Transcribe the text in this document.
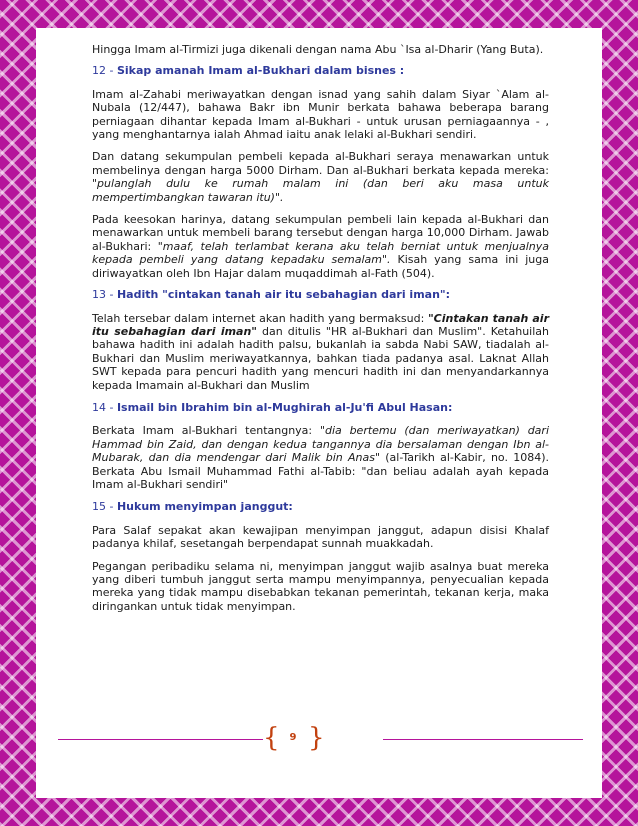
Hingga Imam al-Tirmizi juga dikenali dengan nama Abu `Isa al-Dharir (Yang Buta).

12 - Sikap amanah Imam al-Bukhari dalam bisnes :

Imam al-Zahabi meriwayatkan dengan isnad yang sahih dalam Siyar `Alam al-Nubala (12/447), bahawa Bakr ibn Munir berkata bahawa beberapa barang perniagaan dihantar kepada Imam al-Bukhari - untuk urusan perniagaannya - , yang menghantarnya ialah Ahmad iaitu anak lelaki al-Bukhari sendiri.

Dan datang sekumpulan pembeli kepada al-Bukhari seraya menawarkan untuk membelinya dengan harga 5000 Dirham. Dan al-Bukhari berkata kepada mereka: "pulanglah dulu ke rumah malam ini (dan beri aku masa untuk mempertimbangkan tawaran itu)".

Pada keesokan harinya, datang sekumpulan pembeli lain kepada al-Bukhari dan menawarkan untuk membeli barang tersebut dengan harga 10,000 Dirham. Jawab al-Bukhari: "maaf, telah terlambat kerana aku telah berniat untuk menjualnya kepada pembeli yang datang kepadaku semalam". Kisah yang sama ini juga diriwayatkan oleh Ibn Hajar dalam muqaddimah al-Fath (504).

13 - Hadith "cintakan tanah air itu sebahagian dari iman":

Telah tersebar dalam internet akan hadith yang bermaksud: "Cintakan tanah air itu sebahagian dari iman" dan ditulis "HR al-Bukhari dan Muslim". Ketahuilah bahawa hadith ini adalah hadith palsu, bukanlah ia sabda Nabi SAW, tiadalah al-Bukhari dan Muslim meriwayatkannya, bahkan tiada padanya asal. Laknat Allah SWT kepada para pencuri hadith yang mencuri hadith ini dan menyandarkannya kepada Imamain al-Bukhari dan Muslim

14 - Ismail bin Ibrahim bin al-Mughirah al-Ju'fi Abul Hasan:

Berkata Imam al-Bukhari tentangnya: "dia bertemu (dan meriwayatkan) dari Hammad bin Zaid, dan dengan kedua tangannya dia bersalaman dengan Ibn al-Mubarak, dan dia mendengar dari Malik bin Anas" (al-Tarikh al-Kabir, no. 1084). Berkata Abu Ismail Muhammad Fathi al-Tabib: "dan beliau adalah ayah kepada Imam al-Bukhari sendiri"

15 - Hukum menyimpan janggut:

Para Salaf sepakat akan kewajipan menyimpan janggut, adapun disisi Khalaf padanya khilaf, sesetangah berpendapat sunnah muakkadah.

Pegangan peribadiku selama ni, menyimpan janggut wajib asalnya buat mereka yang diberi tumbuh janggut serta mampu menyimpannya, penyecualian kepada mereka yang tidak mampu disebabkan tekanan pemerintah, tekanan kerja, maka diringankan untuk tidak menyimpan.

{ 9 }
